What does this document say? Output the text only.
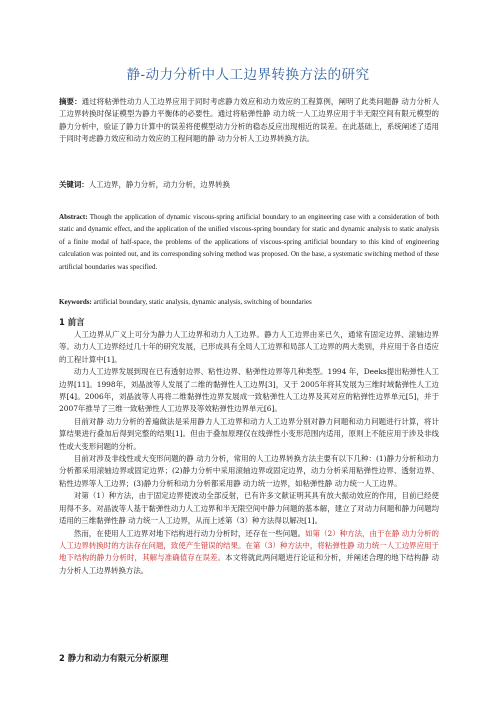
静-动力分析中人工边界转换方法的研究
摘要：通过将粘弹性动力人工边界应用于同时考虑静力效应和动力效应的工程算例，阐明了此类问题静 动力分析人工边界转换时保证模型为静力平衡体的必要性。通过将粘弹性静 动力统一人工边界应用于半无限空间有限元模型的静力分析中，验证了静力计算中的误差将使模型动力分析的稳态反应出现相近的误差。在此基础上，系统阐述了适用于同时考虑静力效应和动力效应的工程问题的静 动力分析人工边界转换方法。
关键词：人工边界，静力分析，动力分析，边界转换
Abstract: Though the application of dynamic viscous-spring artificial boundary to an engineering case with a consideration of both static and dynamic effect, and the application of the unified viscous-spring boundary for static and dynamic analysis to static analysis of a finite modal of half-space, the problems of the applications of viscous-spring artificial boundary to this kind of engineering calculation was pointed out, and its corresponding solving method was proposed. On the base, a systematic switching method of these artificial boundaries was specified.
Keywords: artificial boundary, static analysis, dynamic analysis, switching of boundaries
1 前言

人工边界从广义上可分为静力人工边界和动力人工边界。静力人工边界由来已久，通常有固定边界、滚轴边界等。动力人工边界经过几十年的研究发展，已形成具有全局人工边界和局部人工边界的两大类别，并应用于各自适应的工程计算中[1]。

动力人工边界发展到现在已有透射边界、粘性边界、粘弹性边界等几种类型。1994 年，Deeks提出粘弹性人工边界[11]。1998年，刘晶波等人发展了二维的黏弹性人工边界[3]，又于 2005年将其发展为三维时域黏弹性人工边界[4]。2006年，刘晶波等人再将二维黏弹性边界发展成一致粘弹性人工边界及其对应的粘弹性边界单元[5]，并于 2007年推导了三维一致粘弹性人工边界及等效粘弹性边界单元[6]。

目前对静 动力分析的普遍做法是采用静力人工边界和动力人工边界分别对静力问题和动力问题进行计算，将计算结果进行叠加后得到完整的结果[1]。但由于叠加原理仅在线弹性小变形范围内适用，原则上不能应用于涉及非线性或大变形问题的分析。

目前对涉及非线性或大变形问题的静 动力分析，常用的人工边界转换方法主要有以下几种：(1)静力分析和动力分析都采用滚轴边界或固定边界；(2)静力分析中采用滚轴边界或固定边界，动力分析采用粘弹性边界、透射边界、粘性边界等人工边界；(3)静力分析和动力分析都采用静 动力统一边界，如粘弹性静 动力统一人工边界。

对第（1）种方法，由于固定边界使波动全部反射，已有许多文献证明其具有放大振动效应的作用，目前已经使用得不多。对晶波等人基于黏弹性动力人工边界和半无限空间中静力问题的基本解，建立了对动力问题和静力问题均适用的三维黏弹性静 动力统一人工边界，从而上述第（3）种方法得以解决[1]。

然而，在使用人工边界对地下结构进行动力分析时，还存在一些问题。如第（2）种方法，由于在静 动力分析的人工边界转换时的方法存在问题，致使产生错误的结果。在第（3）种方法中，将粘弹性静 动力统一人工边界应用于地下结构的静力分析时，其解与准确值存在误差。本文将就此两问题进行论证和分析，并阐述合理的地下结构静 动力分析人工边界转换方法。

2 静力和动力有限元分析原理
